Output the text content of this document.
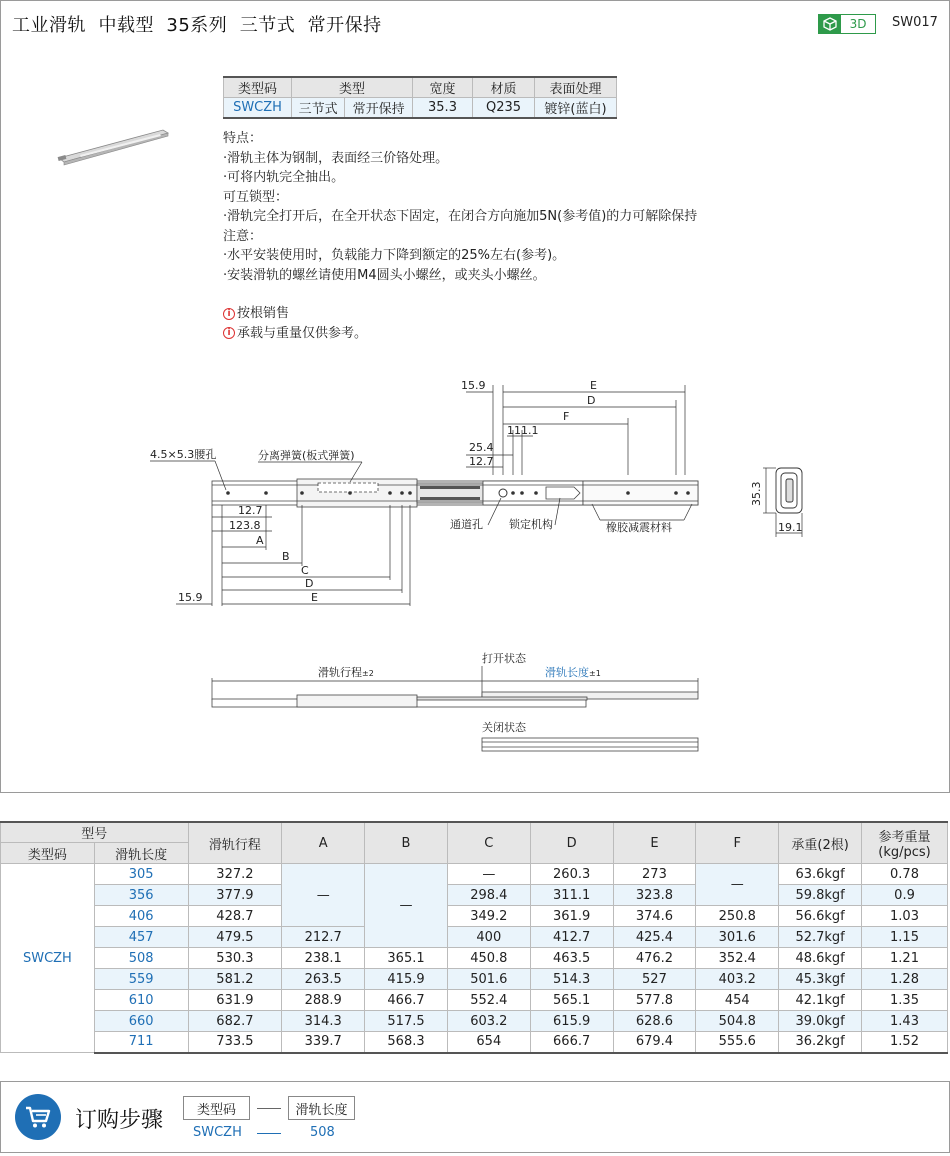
工业滑轨  中载型  35系列  三节式  常开保持	3D	SW017
类型码	类型		宽度	材质	表面处理
SWCZH	三节式	常开保持	35.3	Q235	镀锌(蓝白)
特点：
·滑轨主体为钢制，表面经三价铬处理。
·可将内轨完全抽出。
可互锁型：
·滑轨完全打开后，在全开状态下固定，在闭合方向施加5N(参考值)的力可解除保持
注意：
·水平安装使用时，负载能力下降到额定的25%左右(参考)。
·安装滑轨的螺丝请使用M4圆头小螺丝，或夹头小螺丝。
i 按根销售
i 承载与重量仅供参考。
15.9	E
D
F
111.1
25.4
12.7
4.5×5.3腰孔	分离弹簧(板式弹簧)
通道孔 锁定机构	橡胶减震材料
12.7
123.8
A
B
C
D
E
15.9
35.3
19.1
打开状态
滑轨行程±2	滑轨长度±1
关闭状态
型号		滑轨行程	A	B	C	D	E	F	承重(2根)	参考重量(kg/pcs)
类型码	滑轨长度									
SWCZH	305	327.2	—	—	—	260.3	273	—	63.6kgf	0.78
	356	377.9			298.4	311.1	323.8		59.8kgf	0.9
	406	428.7			349.2	361.9	374.6	250.8	56.6kgf	1.03
	457	479.5	212.7		400	412.7	425.4	301.6	52.7kgf	1.15
	508	530.3	238.1	365.1	450.8	463.5	476.2	352.4	48.6kgf	1.21
	559	581.2	263.5	415.9	501.6	514.3	527	403.2	45.3kgf	1.28
	610	631.9	288.9	466.7	552.4	565.1	577.8	454	42.1kgf	1.35
	660	682.7	314.3	517.5	603.2	615.9	628.6	504.8	39.0kgf	1.43
	711	733.5	339.7	568.3	654	666.7	679.4	555.6	36.2kgf	1.52
订购步骤	类型码	滑轨长度
SWCZH	508
